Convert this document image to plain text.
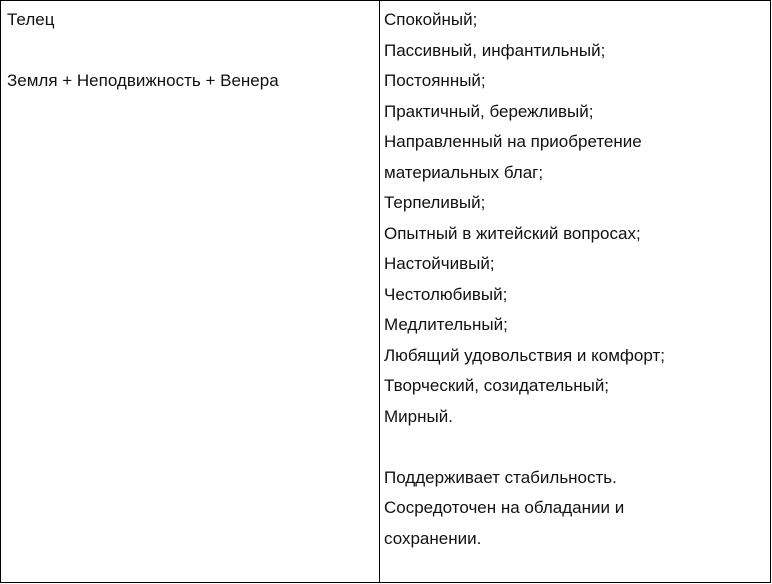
Телец
Земля + Неподвижность + Венера
Спокойный;
Пассивный, инфантильный;
Постоянный;
Практичный, бережливый;
Направленный на приобретение
материальных благ;
Терпеливый;
Опытный в житейский вопросах;
Настойчивый;
Честолюбивый;
Медлительный;
Любящий удовольствия и комфорт;
Творческий, созидательный;
Мирный.
Поддерживает стабильность.
Сосредоточен на обладании и
сохранении.
